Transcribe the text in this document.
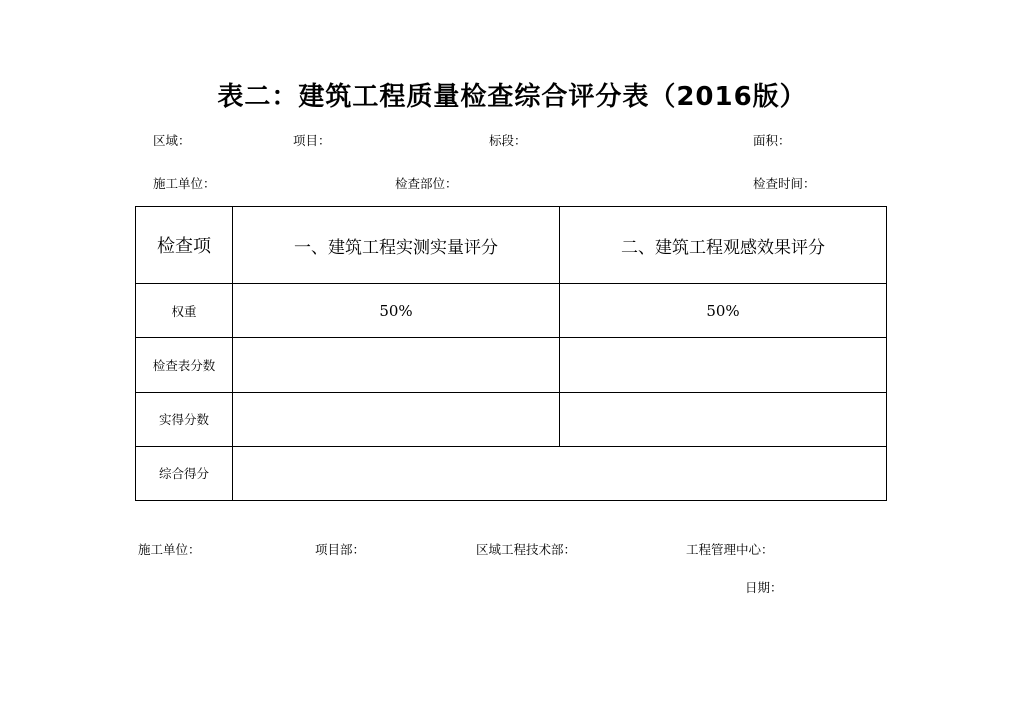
表二：建筑工程质量检查综合评分表（2016版）
区域：	项目：	标段：	面积：
施工单位：	检查部位：	检查时间：
检查项	一、建筑工程实测实量评分	二、建筑工程观感效果评分
权重	50%	50%
检查表分数		
实得分数		
综合得分		
施工单位：	项目部：	区域工程技术部：	工程管理中心：
日期：
